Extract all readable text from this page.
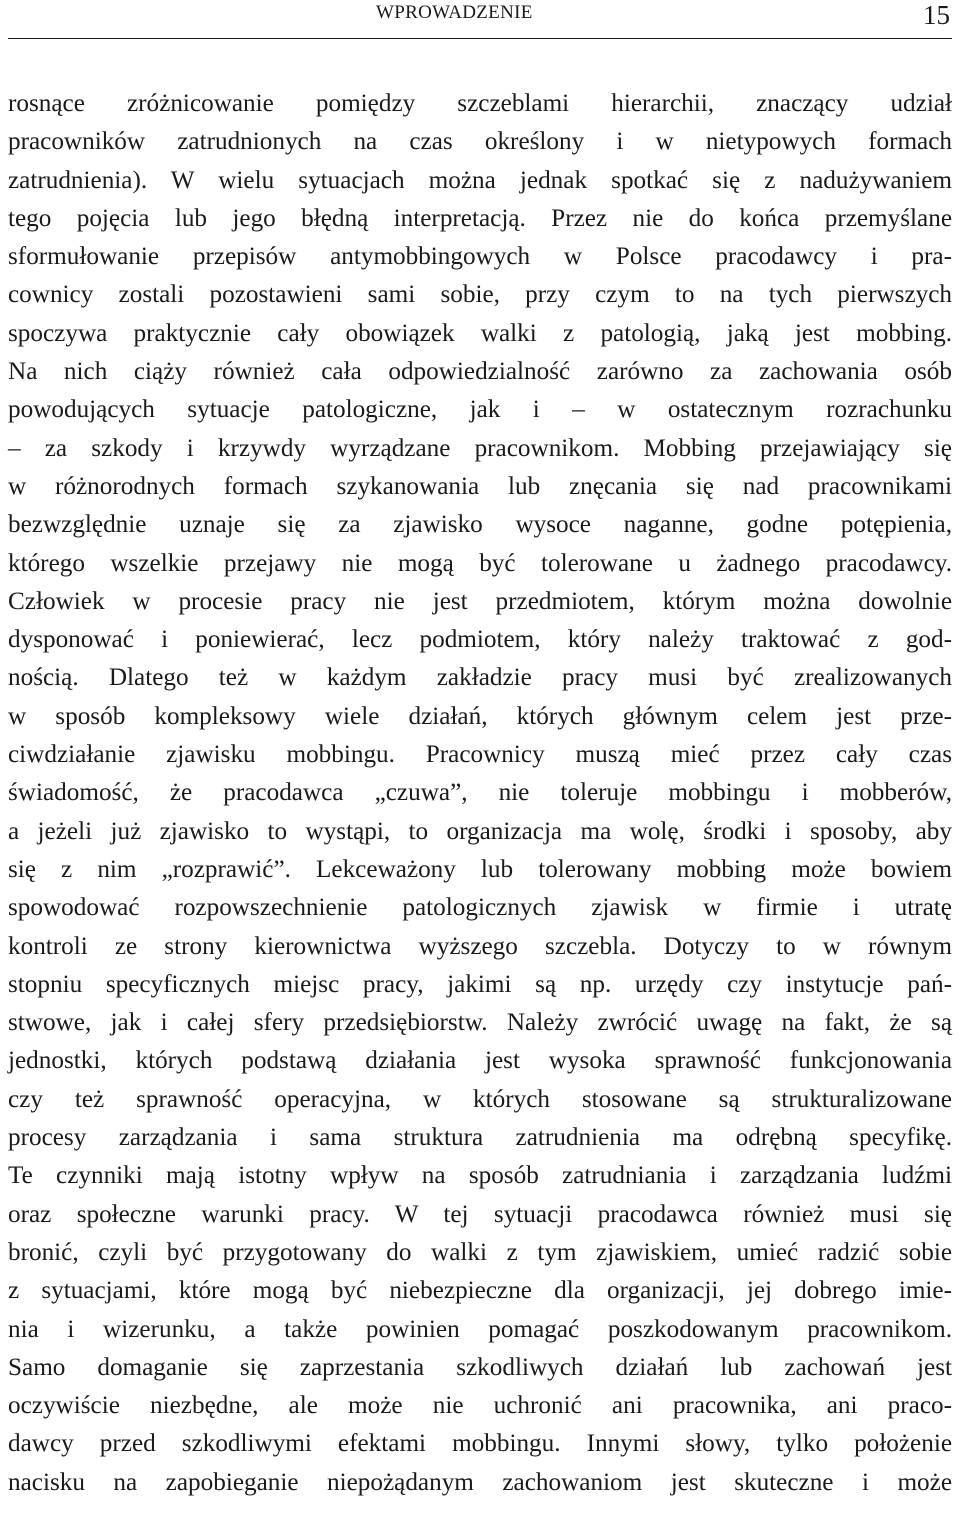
WPROWADZENIE	15
rosnące zróżnicowanie pomiędzy szczeblami hierarchii, znaczący udział
pracowników zatrudnionych na czas określony i w nietypowych formach
zatrudnienia). W wielu sytuacjach można jednak spotkać się z nadużywaniem
tego pojęcia lub jego błędną interpretacją. Przez nie do końca przemyślane
sformułowanie przepisów antymobbingowych w Polsce pracodawcy i pra-
cownicy zostali pozostawieni sami sobie, przy czym to na tych pierwszych
spoczywa praktycznie cały obowiązek walki z patologią, jaką jest mobbing.
Na nich ciąży również cała odpowiedzialność zarówno za zachowania osób
powodujących sytuacje patologiczne, jak i – w ostatecznym rozrachunku
– za szkody i krzywdy wyrządzane pracownikom. Mobbing przejawiający się
w różnorodnych formach szykanowania lub znęcania się nad pracownikami
bezwzględnie uznaje się za zjawisko wysoce naganne, godne potępienia,
którego wszelkie przejawy nie mogą być tolerowane u żadnego pracodawcy.
Człowiek w procesie pracy nie jest przedmiotem, którym można dowolnie
dysponować i poniewierać, lecz podmiotem, który należy traktować z god-
nością. Dlatego też w każdym zakładzie pracy musi być zrealizowanych
w sposób kompleksowy wiele działań, których głównym celem jest prze-
ciwdziałanie zjawisku mobbingu. Pracownicy muszą mieć przez cały czas
świadomość, że pracodawca „czuwa”, nie toleruje mobbingu i mobberów,
a jeżeli już zjawisko to wystąpi, to organizacja ma wolę, środki i sposoby, aby
się z nim „rozprawić”. Lekceważony lub tolerowany mobbing może bowiem
spowodować rozpowszechnienie patologicznych zjawisk w firmie i utratę
kontroli ze strony kierownictwa wyższego szczebla. Dotyczy to w równym
stopniu specyficznych miejsc pracy, jakimi są np. urzędy czy instytucje pań-
stwowe, jak i całej sfery przedsiębiorstw. Należy zwrócić uwagę na fakt, że są
jednostki, których podstawą działania jest wysoka sprawność funkcjonowania
czy też sprawność operacyjna, w których stosowane są strukturalizowane
procesy zarządzania i sama struktura zatrudnienia ma odrębną specyfikę.
Te czynniki mają istotny wpływ na sposób zatrudniania i zarządzania ludźmi
oraz społeczne warunki pracy. W tej sytuacji pracodawca również musi się
bronić, czyli być przygotowany do walki z tym zjawiskiem, umieć radzić sobie
z sytuacjami, które mogą być niebezpieczne dla organizacji, jej dobrego imie-
nia i wizerunku, a także powinien pomagać poszkodowanym pracownikom.
Samo domaganie się zaprzestania szkodliwych działań lub zachowań jest
oczywiście niezbędne, ale może nie uchronić ani pracownika, ani praco-
dawcy przed szkodliwymi efektami mobbingu. Innymi słowy, tylko położenie
nacisku na zapobieganie niepożądanym zachowaniom jest skuteczne i może
